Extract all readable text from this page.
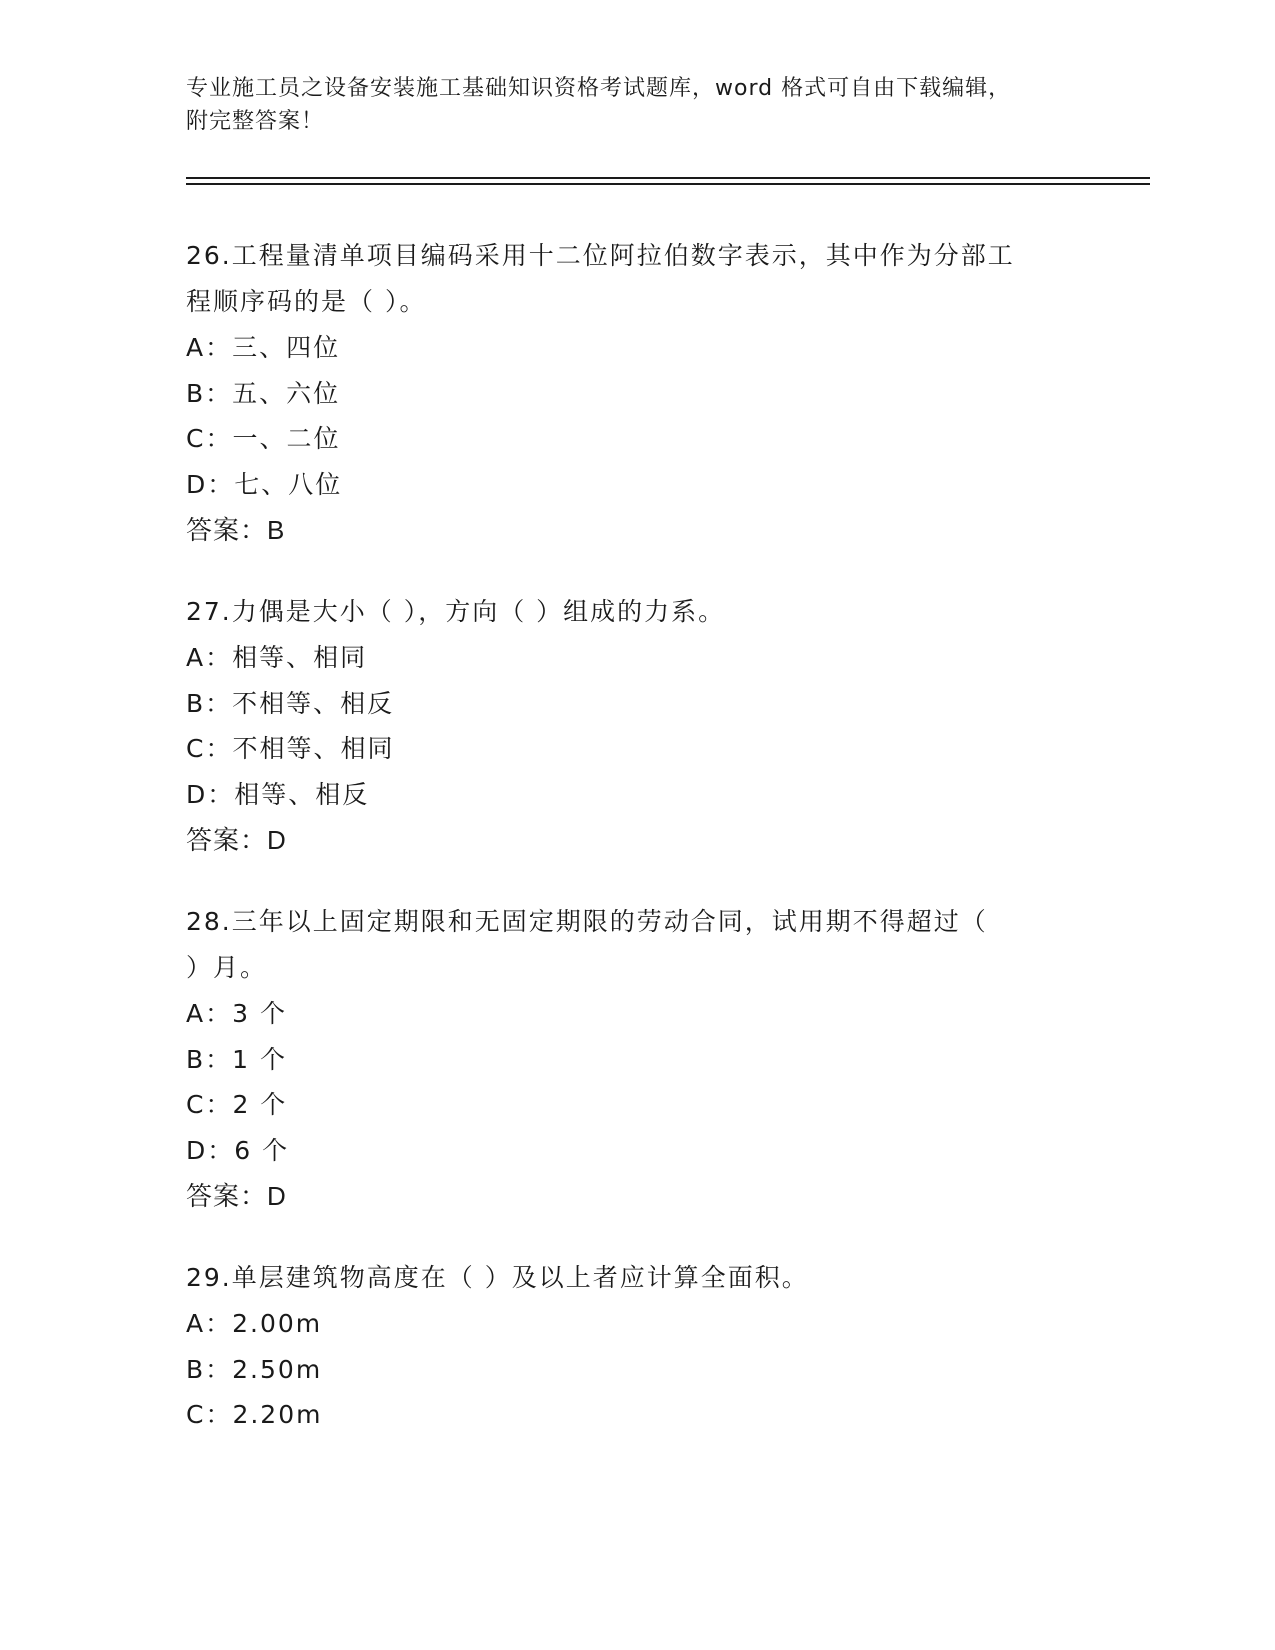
专业施工员之设备安装施工基础知识资格考试题库，word 格式可自由下载编辑，
附完整答案！
26.工程量清单项目编码采用十二位阿拉伯数字表示，其中作为分部工
程顺序码的是（ ）。
A：三、四位
B：五、六位
C：一、二位
D：七、八位
答案：B
27.力偶是大小（ ），方向（ ）组成的力系。
A：相等、相同
B：不相等、相反
C：不相等、相同
D：相等、相反
答案：D
28.三年以上固定期限和无固定期限的劳动合同，试用期不得超过（
）月。
A：3 个
B：1 个
C：2 个
D：6 个
答案：D
29.单层建筑物高度在（ ）及以上者应计算全面积。
A：2.00m
B：2.50m
C：2.20m
